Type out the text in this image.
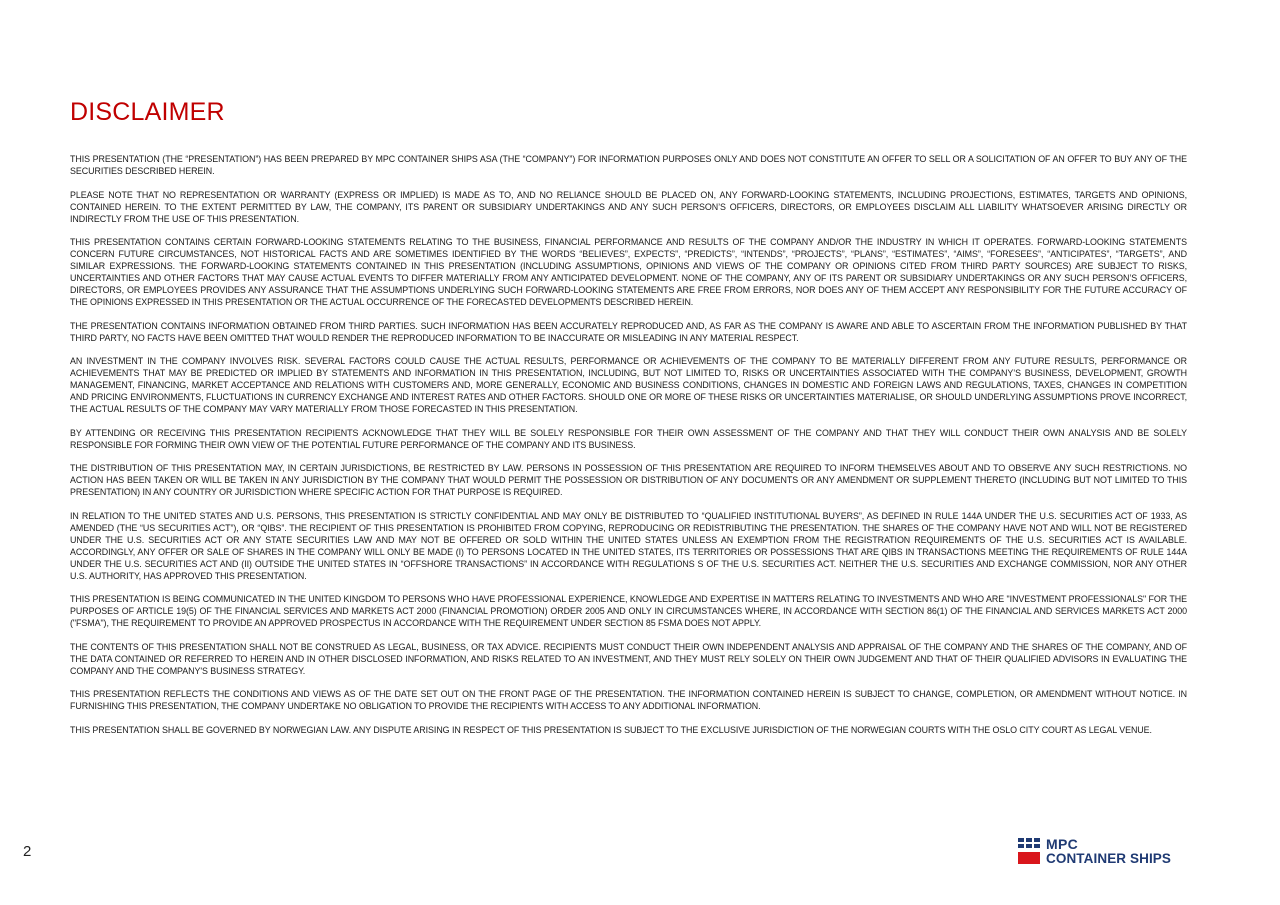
DISCLAIMER

THIS PRESENTATION (THE “PRESENTATION”) HAS BEEN PREPARED BY MPC CONTAINER SHIPS ASA (THE “COMPANY”) FOR INFORMATION PURPOSES ONLY AND DOES NOT CONSTITUTE AN OFFER TO SELL OR A SOLICITATION OF AN OFFER TO BUY ANY OF THE SECURITIES DESCRIBED HEREIN.

PLEASE NOTE THAT NO REPRESENTATION OR WARRANTY (EXPRESS OR IMPLIED) IS MADE AS TO, AND NO RELIANCE SHOULD BE PLACED ON, ANY FORWARD-LOOKING STATEMENTS, INCLUDING PROJECTIONS, ESTIMATES, TARGETS AND OPINIONS, CONTAINED HEREIN. TO THE EXTENT PERMITTED BY LAW, THE COMPANY, ITS PARENT OR SUBSIDIARY UNDERTAKINGS AND ANY SUCH PERSON’S OFFICERS, DIRECTORS, OR EMPLOYEES DISCLAIM ALL LIABILITY WHATSOEVER ARISING DIRECTLY OR INDIRECTLY FROM THE USE OF THIS PRESENTATION.

THIS PRESENTATION CONTAINS CERTAIN FORWARD-LOOKING STATEMENTS RELATING TO THE BUSINESS, FINANCIAL PERFORMANCE AND RESULTS OF THE COMPANY AND/OR THE INDUSTRY IN WHICH IT OPERATES. FORWARD-LOOKING STATEMENTS CONCERN FUTURE CIRCUMSTANCES, NOT HISTORICAL FACTS AND ARE SOMETIMES IDENTIFIED BY THE WORDS “BELIEVES”, EXPECTS”, “PREDICTS”, “INTENDS”, “PROJECTS”, “PLANS”, “ESTIMATES”, “AIMS”, “FORESEES”, “ANTICIPATES”, “TARGETS”, AND SIMILAR EXPRESSIONS. THE FORWARD-LOOKING STATEMENTS CONTAINED IN THIS PRESENTATION (INCLUDING ASSUMPTIONS, OPINIONS AND VIEWS OF THE COMPANY OR OPINIONS CITED FROM THIRD PARTY SOURCES) ARE SUBJECT TO RISKS, UNCERTAINTIES AND OTHER FACTORS THAT MAY CAUSE ACTUAL EVENTS TO DIFFER MATERIALLY FROM ANY ANTICIPATED DEVELOPMENT. NONE OF THE COMPANY, ANY OF ITS PARENT OR SUBSIDIARY UNDERTAKINGS OR ANY SUCH PERSON’S OFFICERS, DIRECTORS, OR EMPLOYEES PROVIDES ANY ASSURANCE THAT THE ASSUMPTIONS UNDERLYING SUCH FORWARD-LOOKING STATEMENTS ARE FREE FROM ERRORS, NOR DOES ANY OF THEM ACCEPT ANY RESPONSIBILITY FOR THE FUTURE ACCURACY OF THE OPINIONS EXPRESSED IN THIS PRESENTATION OR THE ACTUAL OCCURRENCE OF THE FORECASTED DEVELOPMENTS DESCRIBED HEREIN.

THE PRESENTATION CONTAINS INFORMATION OBTAINED FROM THIRD PARTIES. SUCH INFORMATION HAS BEEN ACCURATELY REPRODUCED AND, AS FAR AS THE COMPANY IS AWARE AND ABLE TO ASCERTAIN FROM THE INFORMATION PUBLISHED BY THAT THIRD PARTY, NO FACTS HAVE BEEN OMITTED THAT WOULD RENDER THE REPRODUCED INFORMATION TO BE INACCURATE OR MISLEADING IN ANY MATERIAL RESPECT.

AN INVESTMENT IN THE COMPANY INVOLVES RISK. SEVERAL FACTORS COULD CAUSE THE ACTUAL RESULTS, PERFORMANCE OR ACHIEVEMENTS OF THE COMPANY TO BE MATERIALLY DIFFERENT FROM ANY FUTURE RESULTS, PERFORMANCE OR ACHIEVEMENTS THAT MAY BE PREDICTED OR IMPLIED BY STATEMENTS AND INFORMATION IN THIS PRESENTATION, INCLUDING, BUT NOT LIMITED TO, RISKS OR UNCERTAINTIES ASSOCIATED WITH THE COMPANY’S BUSINESS, DEVELOPMENT, GROWTH MANAGEMENT, FINANCING, MARKET ACCEPTANCE AND RELATIONS WITH CUSTOMERS AND, MORE GENERALLY, ECONOMIC AND BUSINESS CONDITIONS, CHANGES IN DOMESTIC AND FOREIGN LAWS AND REGULATIONS, TAXES, CHANGES IN COMPETITION AND PRICING ENVIRONMENTS, FLUCTUATIONS IN CURRENCY EXCHANGE AND INTEREST RATES AND OTHER FACTORS. SHOULD ONE OR MORE OF THESE RISKS OR UNCERTAINTIES MATERIALISE, OR SHOULD UNDERLYING ASSUMPTIONS PROVE INCORRECT, THE ACTUAL RESULTS OF THE COMPANY MAY VARY MATERIALLY FROM THOSE FORECASTED IN THIS PRESENTATION.

BY ATTENDING OR RECEIVING THIS PRESENTATION RECIPIENTS ACKNOWLEDGE THAT THEY WILL BE SOLELY RESPONSIBLE FOR THEIR OWN ASSESSMENT OF THE COMPANY AND THAT THEY WILL CONDUCT THEIR OWN ANALYSIS AND BE SOLELY RESPONSIBLE FOR FORMING THEIR OWN VIEW OF THE POTENTIAL FUTURE PERFORMANCE OF THE COMPANY AND ITS BUSINESS.

THE DISTRIBUTION OF THIS PRESENTATION MAY, IN CERTAIN JURISDICTIONS, BE RESTRICTED BY LAW. PERSONS IN POSSESSION OF THIS PRESENTATION ARE REQUIRED TO INFORM THEMSELVES ABOUT AND TO OBSERVE ANY SUCH RESTRICTIONS. NO ACTION HAS BEEN TAKEN OR WILL BE TAKEN IN ANY JURISDICTION BY THE COMPANY THAT WOULD PERMIT THE POSSESSION OR DISTRIBUTION OF ANY DOCUMENTS OR ANY AMENDMENT OR SUPPLEMENT THERETO (INCLUDING BUT NOT LIMITED TO THIS PRESENTATION) IN ANY COUNTRY OR JURISDICTION WHERE SPECIFIC ACTION FOR THAT PURPOSE IS REQUIRED.

IN RELATION TO THE UNITED STATES AND U.S. PERSONS, THIS PRESENTATION IS STRICTLY CONFIDENTIAL AND MAY ONLY BE DISTRIBUTED TO “QUALIFIED INSTITUTIONAL BUYERS”, AS DEFINED IN RULE 144A UNDER THE U.S. SECURITIES ACT OF 1933, AS AMENDED (THE “US SECURITIES ACT”), OR “QIBS”. THE RECIPIENT OF THIS PRESENTATION IS PROHIBITED FROM COPYING, REPRODUCING OR REDISTRIBUTING THE PRESENTATION. THE SHARES OF THE COMPANY HAVE NOT AND WILL NOT BE REGISTERED UNDER THE U.S. SECURITIES ACT OR ANY STATE SECURITIES LAW AND MAY NOT BE OFFERED OR SOLD WITHIN THE UNITED STATES UNLESS AN EXEMPTION FROM THE REGISTRATION REQUIREMENTS OF THE U.S. SECURITIES ACT IS AVAILABLE. ACCORDINGLY, ANY OFFER OR SALE OF SHARES IN THE COMPANY WILL ONLY BE MADE (I) TO PERSONS LOCATED IN THE UNITED STATES, ITS TERRITORIES OR POSSESSIONS THAT ARE QIBS IN TRANSACTIONS MEETING THE REQUIREMENTS OF RULE 144A UNDER THE U.S. SECURITIES ACT AND (II) OUTSIDE THE UNITED STATES IN “OFFSHORE TRANSACTIONS” IN ACCORDANCE WITH REGULATIONS S OF THE U.S. SECURITIES ACT. NEITHER THE U.S. SECURITIES AND EXCHANGE COMMISSION, NOR ANY OTHER U.S. AUTHORITY, HAS APPROVED THIS PRESENTATION.

THIS PRESENTATION IS BEING COMMUNICATED IN THE UNITED KINGDOM TO PERSONS WHO HAVE PROFESSIONAL EXPERIENCE, KNOWLEDGE AND EXPERTISE IN MATTERS RELATING TO INVESTMENTS AND WHO ARE "INVESTMENT PROFESSIONALS" FOR THE PURPOSES OF ARTICLE 19(5) OF THE FINANCIAL SERVICES AND MARKETS ACT 2000 (FINANCIAL PROMOTION) ORDER 2005 AND ONLY IN CIRCUMSTANCES WHERE, IN ACCORDANCE WITH SECTION 86(1) OF THE FINANCIAL AND SERVICES MARKETS ACT 2000 ("FSMA"), THE REQUIREMENT TO PROVIDE AN APPROVED PROSPECTUS IN ACCORDANCE WITH THE REQUIREMENT UNDER SECTION 85 FSMA DOES NOT APPLY.

THE CONTENTS OF THIS PRESENTATION SHALL NOT BE CONSTRUED AS LEGAL, BUSINESS, OR TAX ADVICE. RECIPIENTS MUST CONDUCT THEIR OWN INDEPENDENT ANALYSIS AND APPRAISAL OF THE COMPANY AND THE SHARES OF THE COMPANY, AND OF THE DATA CONTAINED OR REFERRED TO HEREIN AND IN OTHER DISCLOSED INFORMATION, AND RISKS RELATED TO AN INVESTMENT, AND THEY MUST RELY SOLELY ON THEIR OWN JUDGEMENT AND THAT OF THEIR QUALIFIED ADVISORS IN EVALUATING THE COMPANY AND THE COMPANY'S BUSINESS STRATEGY.

THIS PRESENTATION REFLECTS THE CONDITIONS AND VIEWS AS OF THE DATE SET OUT ON THE FRONT PAGE OF THE PRESENTATION. THE INFORMATION CONTAINED HEREIN IS SUBJECT TO CHANGE, COMPLETION, OR AMENDMENT WITHOUT NOTICE. IN FURNISHING THIS PRESENTATION, THE COMPANY UNDERTAKE NO OBLIGATION TO PROVIDE THE RECIPIENTS WITH ACCESS TO ANY ADDITIONAL INFORMATION.

THIS PRESENTATION SHALL BE GOVERNED BY NORWEGIAN LAW. ANY DISPUTE ARISING IN RESPECT OF THIS PRESENTATION IS SUBJECT TO THE EXCLUSIVE JURISDICTION OF THE NORWEGIAN COURTS WITH THE OSLO CITY COURT AS LEGAL VENUE.

2	MPC
CONTAINER SHIPS
